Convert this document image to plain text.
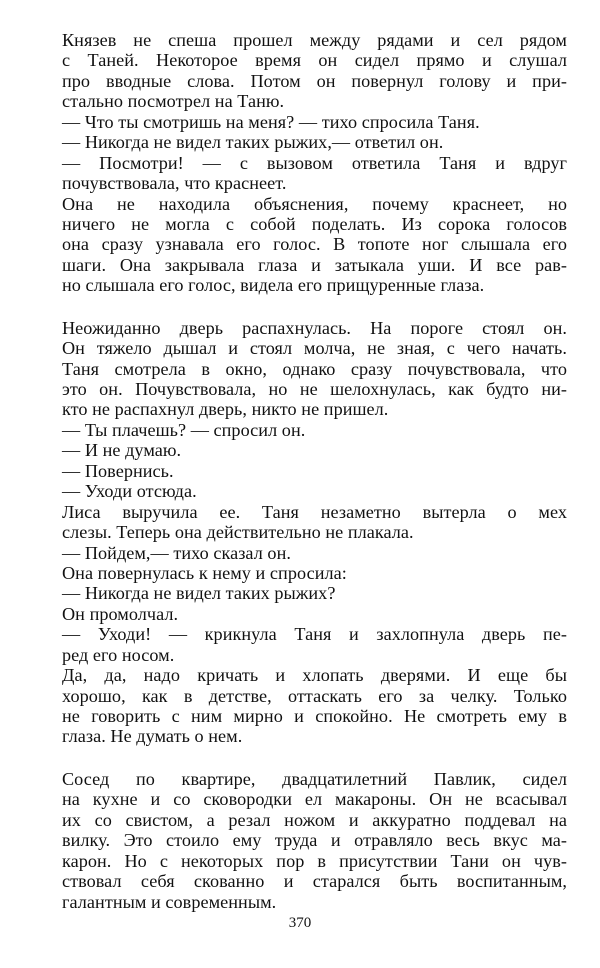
Князев не спеша прошел между рядами и сел рядом
с Таней. Некоторое время он сидел прямо и слушал
про вводные слова. Потом он повернул голову и при-
стально посмотрел на Таню.
— Что ты смотришь на меня? — тихо спросила Таня.
— Никогда не видел таких рыжих,— ответил он.
— Посмотри! — с вызовом ответила Таня и вдруг
почувствовала, что краснеет.
Она не находила объяснения, почему краснеет, но
ничего не могла с собой поделать. Из сорока голосов
она сразу узнавала его голос. В топоте ног слышала его
шаги. Она закрывала глаза и затыкала уши. И все рав-
но слышала его голос, видела его прищуренные глаза.
Неожиданно дверь распахнулась. На пороге стоял он.
Он тяжело дышал и стоял молча, не зная, с чего начать.
Таня смотрела в окно, однако сразу почувствовала, что
это он. Почувствовала, но не шелохнулась, как будто ни-
кто не распахнул дверь, никто не пришел.
— Ты плачешь? — спросил он.
— И не думаю.
— Повернись.
— Уходи отсюда.
Лиса выручила ее. Таня незаметно вытерла о мех
слезы. Теперь она действительно не плакала.
— Пойдем,— тихо сказал он.
Она повернулась к нему и спросила:
— Никогда не видел таких рыжих?
Он промолчал.
— Уходи! — крикнула Таня и захлопнула дверь пе-
ред его носом.
Да, да, надо кричать и хлопать дверями. И еще бы
хорошо, как в детстве, оттаскать его за челку. Только
не говорить с ним мирно и спокойно. Не смотреть ему в
глаза. Не думать о нем.
Сосед по квартире, двадцатилетний Павлик, сидел
на кухне и со сковородки ел макароны. Он не всасывал
их со свистом, а резал ножом и аккуратно поддевал на
вилку. Это стоило ему труда и отравляло весь вкус ма-
карон. Но с некоторых пор в присутствии Тани он чув-
ствовал себя скованно и старался быть воспитанным,
галантным и современным.
370
